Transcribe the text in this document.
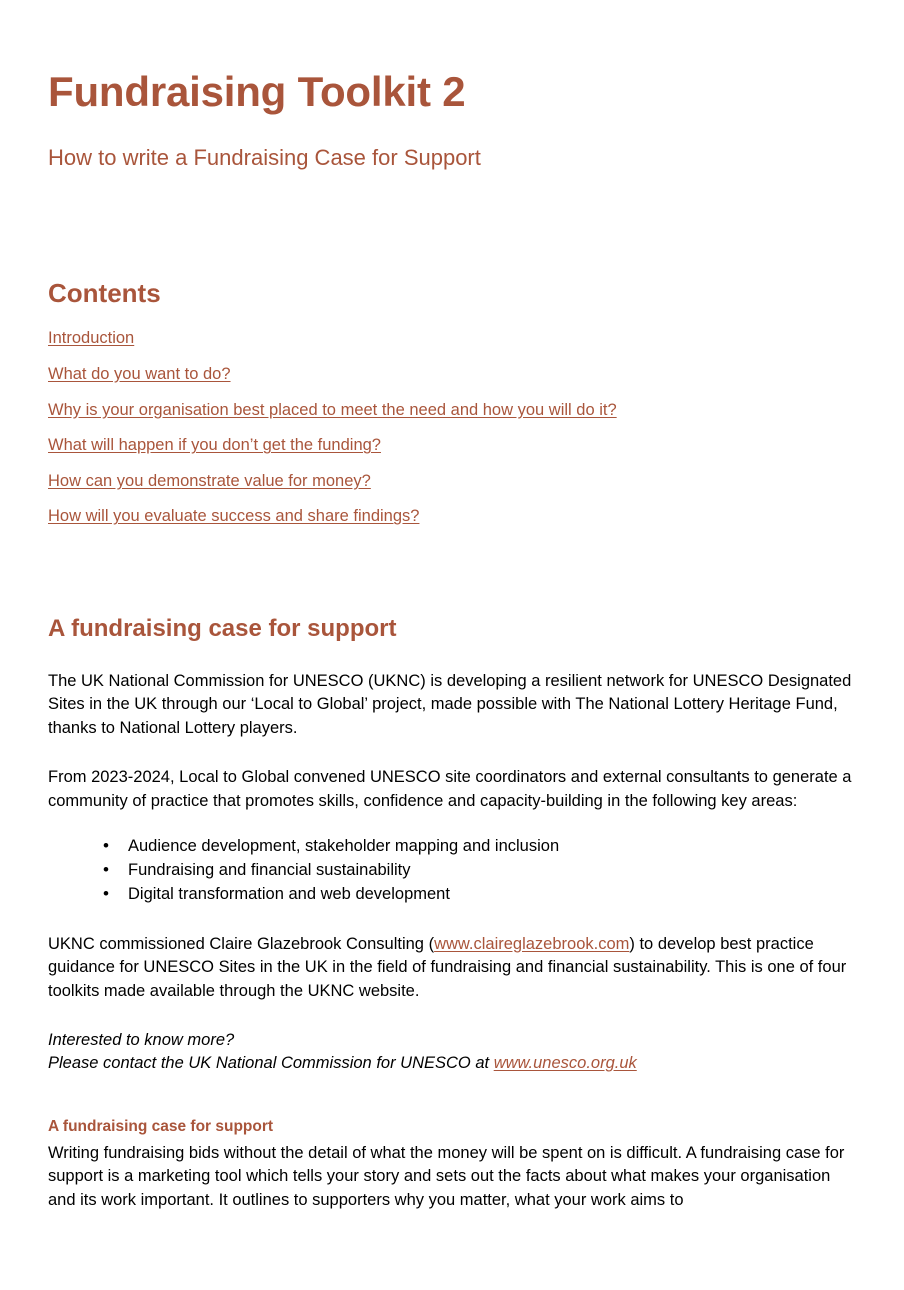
Fundraising Toolkit 2

How to write a Fundraising Case for Support

Contents
Introduction
What do you want to do?
Why is your organisation best placed to meet the need and how you will do it?
What will happen if you don’t get the funding?
How can you demonstrate value for money?
How will you evaluate success and share findings?
A fundraising case for support

The UK National Commission for UNESCO (UKNC) is developing a resilient network for UNESCO Designated Sites in the UK through our ‘Local to Global’ project, made possible with The National Lottery Heritage Fund, thanks to National Lottery players.

From 2023-2024, Local to Global convened UNESCO site coordinators and external consultants to generate a community of practice that promotes skills, confidence and capacity-building in the following key areas:

• Audience development, stakeholder mapping and inclusion
• Fundraising and financial sustainability
• Digital transformation and web development

UKNC commissioned Claire Glazebrook Consulting (www.claireglazebrook.com) to develop best practice guidance for UNESCO Sites in the UK in the field of fundraising and financial sustainability. This is one of four toolkits made available through the UKNC website.

Interested to know more?
Please contact the UK National Commission for UNESCO at www.unesco.org.uk

A fundraising case for support

Writing fundraising bids without the detail of what the money will be spent on is difficult. A fundraising case for support is a marketing tool which tells your story and sets out the facts about what makes your organisation and its work important. It outlines to supporters why you matter, what your work aims to
